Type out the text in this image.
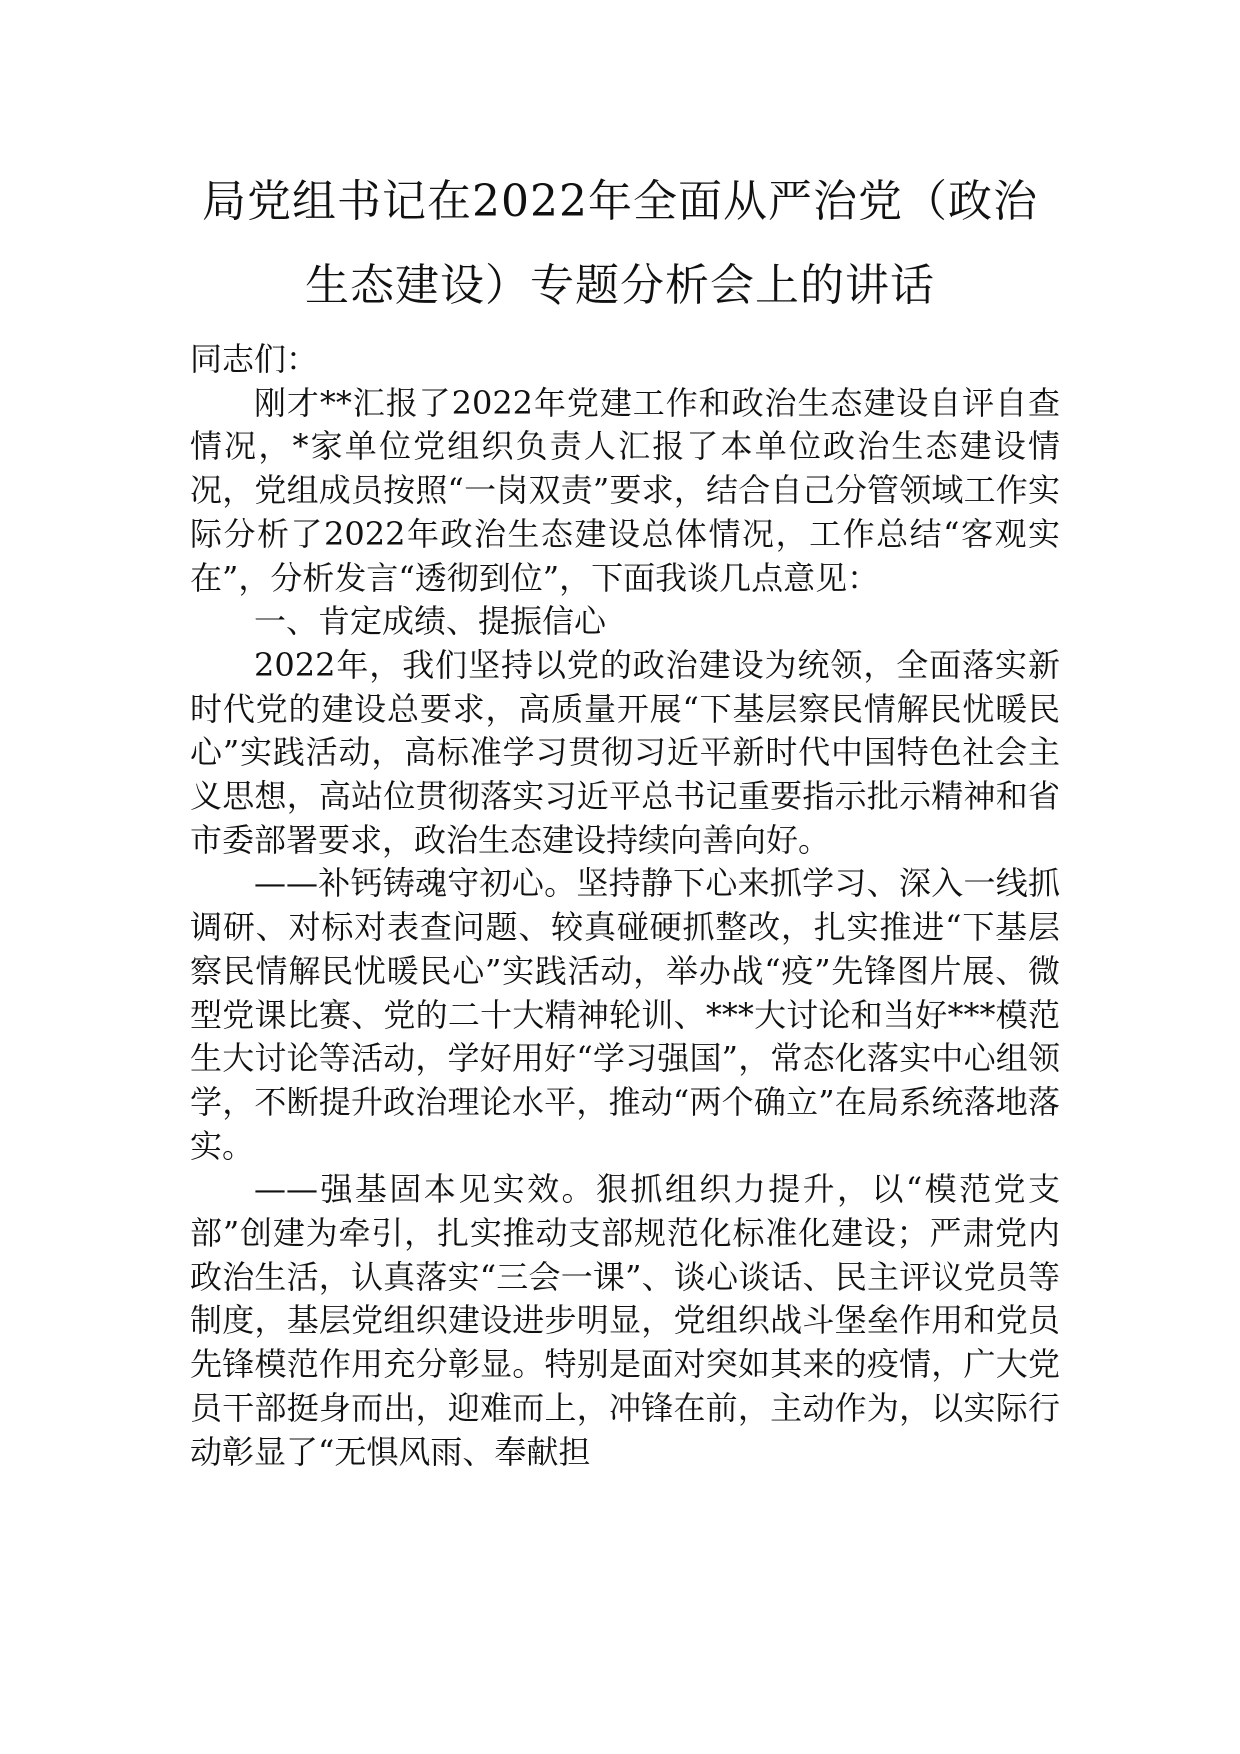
局党组书记在2022年全面从严治党（政治
生态建设）专题分析会上的讲话

同志们：

刚才**汇报了2022年党建工作和政治生态建设自评自查情况，*家单位党组织负责人汇报了本单位政治生态建设情况，党组成员按照“一岗双责”要求，结合自己分管领域工作实际分析了2022年政治生态建设总体情况，工作总结“客观实在”，分析发言“透彻到位”，下面我谈几点意见：

一、肯定成绩、提振信心

2022年，我们坚持以党的政治建设为统领，全面落实新时代党的建设总要求，高质量开展“下基层察民情解民忧暖民心”实践活动，高标准学习贯彻习近平新时代中国特色社会主义思想，高站位贯彻落实习近平总书记重要指示批示精神和省市委部署要求，政治生态建设持续向善向好。

——补钙铸魂守初心。坚持静下心来抓学习、深入一线抓调研、对标对表查问题、较真碰硬抓整改，扎实推进“下基层察民情解民忧暖民心”实践活动，举办战“疫”先锋图片展、微型党课比赛、党的二十大精神轮训、***大讨论和当好***模范生大讨论等活动，学好用好“学习强国”，常态化落实中心组领学，不断提升政治理论水平，推动“两个确立”在局系统落地落实。

——强基固本见实效。狠抓组织力提升，以“模范党支部”创建为牵引，扎实推动支部规范化标准化建设；严肃党内政治生活，认真落实“三会一课”、谈心谈话、民主评议党员等制度，基层党组织建设进步明显，党组织战斗堡垒作用和党员先锋模范作用充分彰显。特别是面对突如其来的疫情，广大党员干部挺身而出，迎难而上，冲锋在前，主动作为，以实际行动彰显了“无惧风雨、奉献担
